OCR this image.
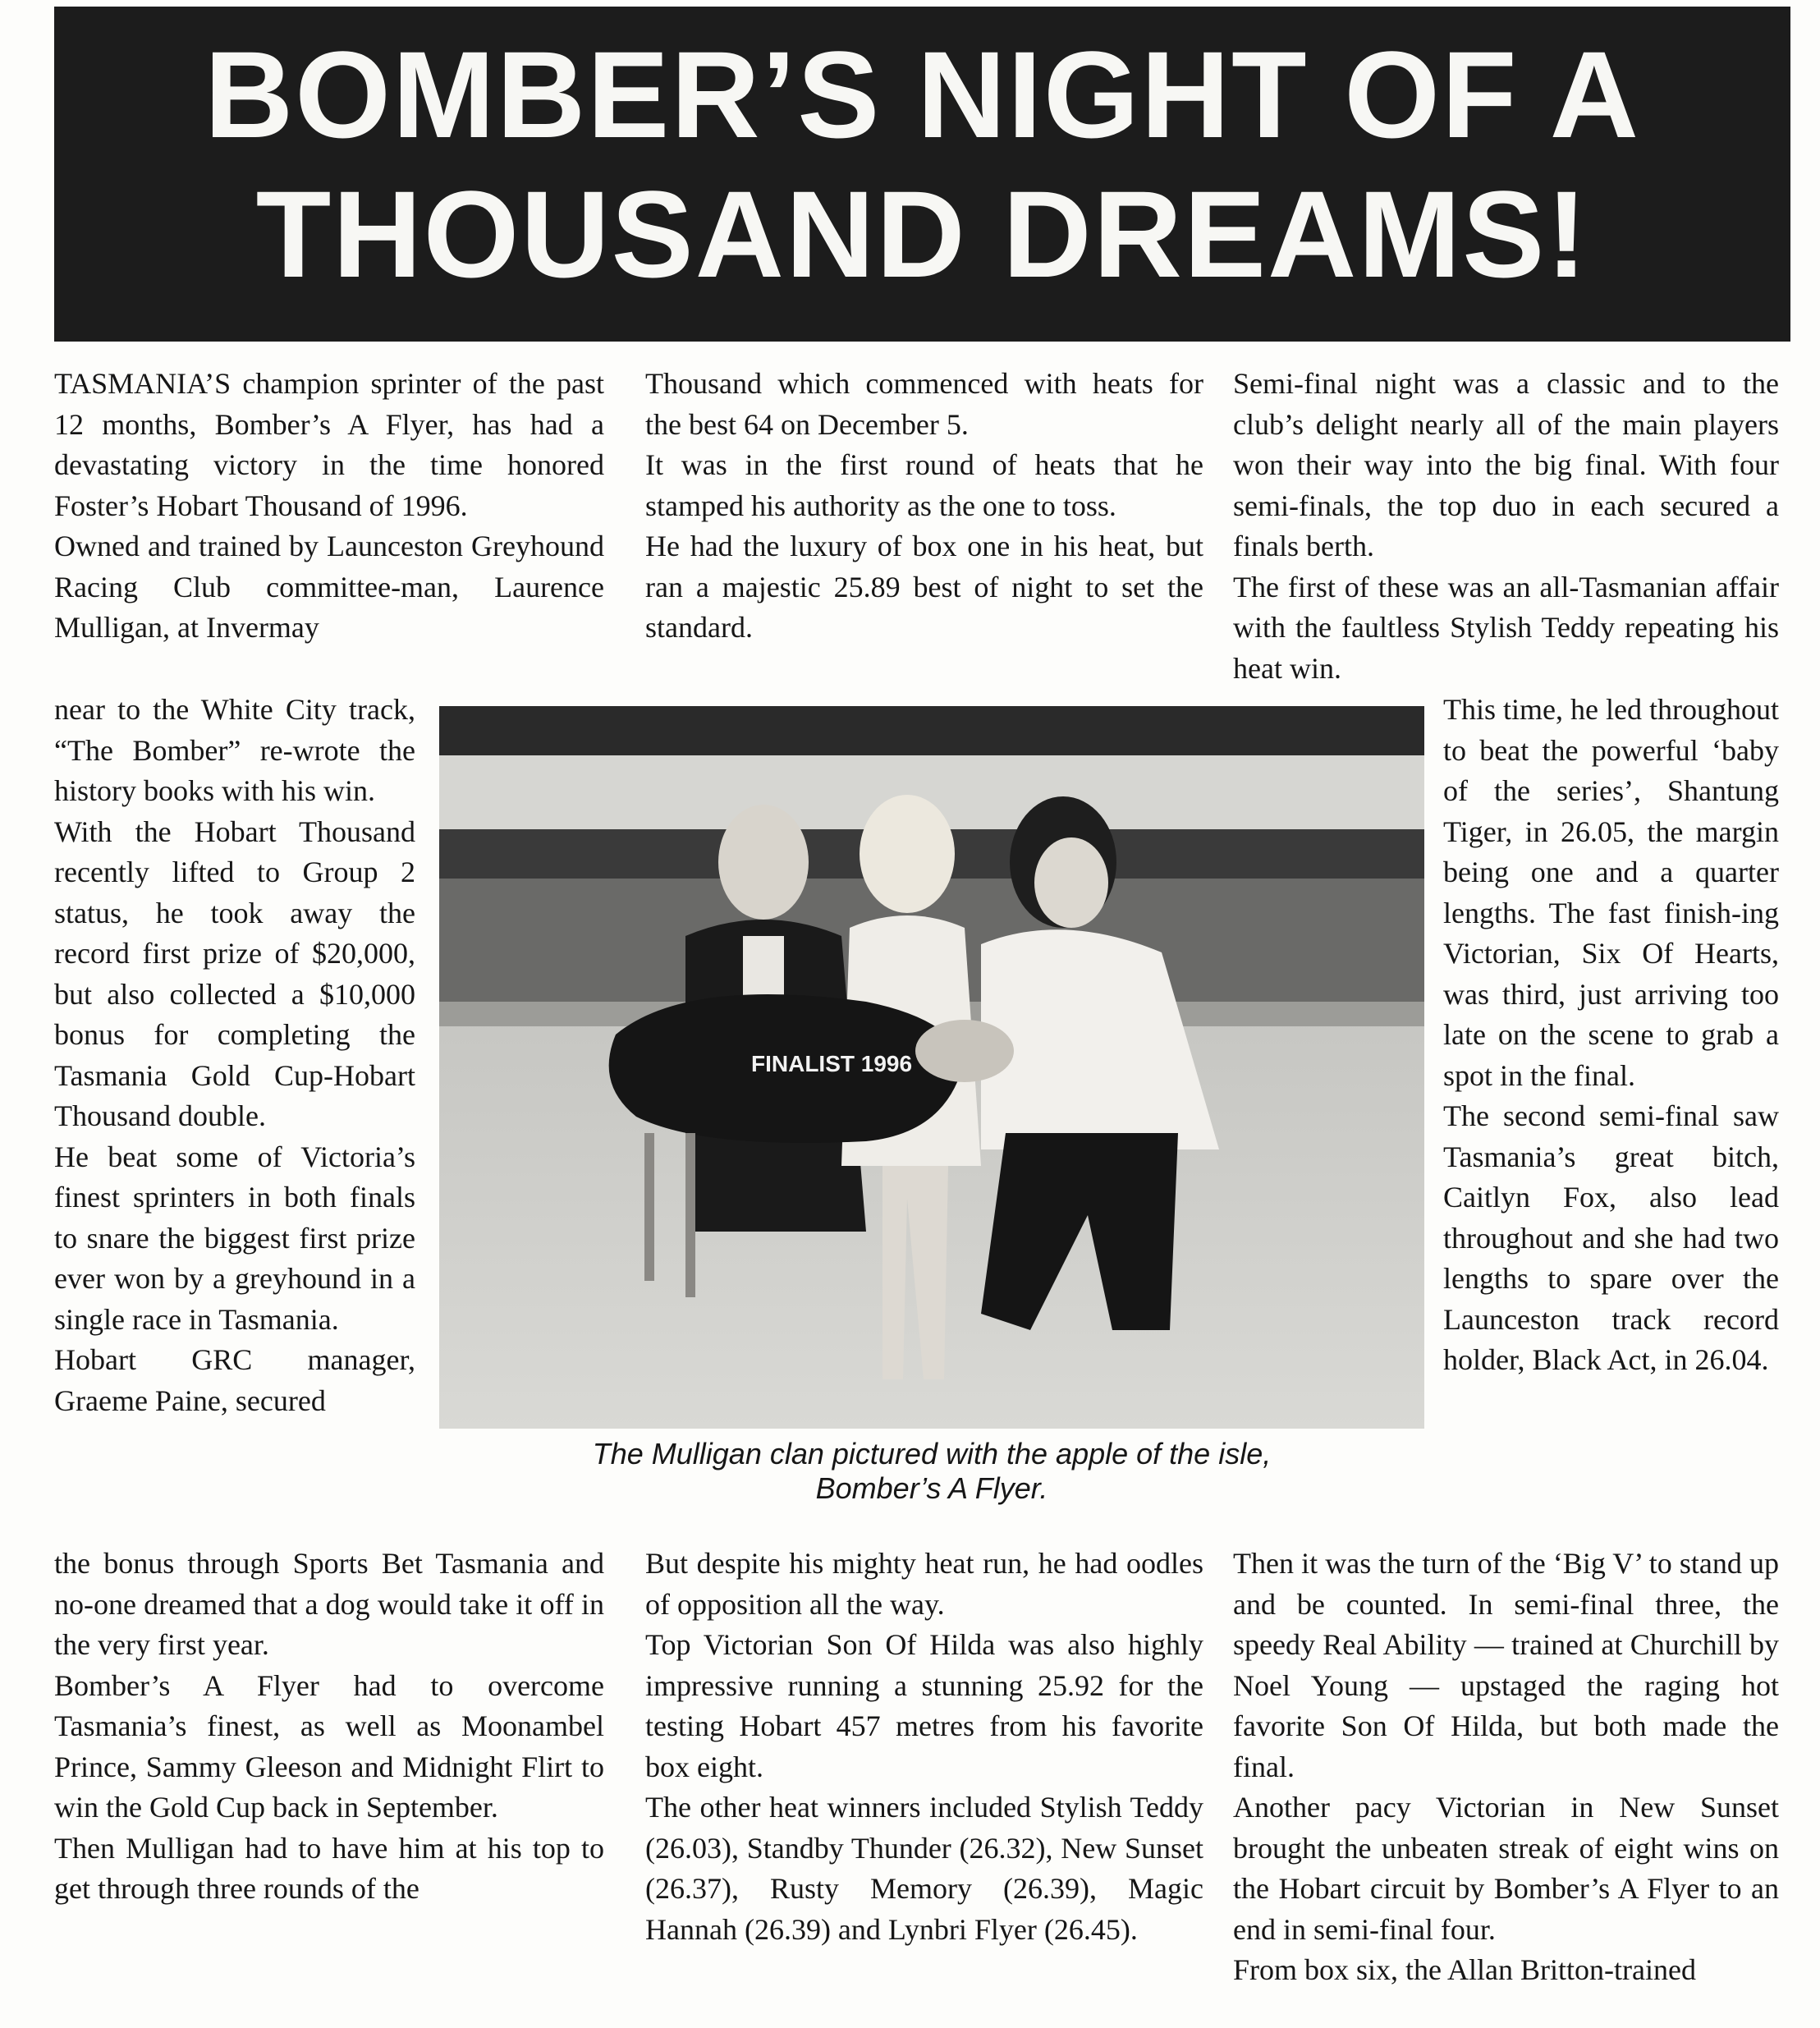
BOMBER’S NIGHT OF A
THOUSAND DREAMS!

TASMANIA’S champion sprinter of the past 12 months, Bomber’s A Flyer, has had a devastating victory in the time honored Foster’s Hobart Thousand of 1996.

Owned and trained by Launceston Greyhound Racing Club committee-man, Laurence Mulligan, at Invermay

near to the White City track, “The Bomber” re-wrote the history books with his win.

With the Hobart Thousand recently lifted to Group 2 status, he took away the record first prize of $20,000, but also collected a $10,000 bonus for completing the Tasmania Gold Cup-Hobart Thousand double.

He beat some of Victoria’s finest sprinters in both finals to snare the biggest first prize ever won by a greyhound in a single race in Tasmania.

Hobart GRC manager, Graeme Paine, secured

the bonus through Sports Bet Tasmania and no-one dreamed that a dog would take it off in the very first year.

Bomber’s A Flyer had to overcome Tasmania’s finest, as well as Moonambel Prince, Sammy Gleeson and Midnight Flirt to win the Gold Cup back in September.

Then Mulligan had to have him at his top to get through three rounds of the

Thousand which commenced with heats for the best 64 on December 5.

It was in the first round of heats that he stamped his authority as the one to toss.

He had the luxury of box one in his heat, but ran a majestic 25.89 best of night to set the standard.

But despite his mighty heat run, he had oodles of opposition all the way.

Top Victorian Son Of Hilda was also highly impressive running a stunning 25.92 for the testing Hobart 457 metres from his favorite box eight.

The other heat winners included Stylish Teddy (26.03), Standby Thunder (26.32), New Sunset (26.37), Rusty Memory (26.39), Magic Hannah (26.39) and Lynbri Flyer (26.45).

Semi-final night was a classic and to the club’s delight nearly all of the main players won their way into the big final. With four semi-finals, the top duo in each secured a finals berth.

The first of these was an all-Tasmanian affair with the faultless Stylish Teddy repeating his heat win.

This time, he led throughout to beat the powerful ‘baby of the series’, Shantung Tiger, in 26.05, the margin being one and a quarter lengths. The fast finish-ing Victorian, Six Of Hearts, was third, just arriving too late on the scene to grab a spot in the final.

The second semi-final saw Tasmania’s great bitch, Caitlyn Fox, also lead throughout and she had two lengths to spare over the Launceston track record holder, Black Act, in 26.04.

Then it was the turn of the ‘Big V’ to stand up and be counted. In semi-final three, the speedy Real Ability — trained at Churchill by Noel Young — upstaged the raging hot favorite Son Of Hilda, but both made the final.

Another pacy Victorian in New Sunset brought the unbeaten streak of eight wins on the Hobart circuit by Bomber’s A Flyer to an end in semi-final four.

From box six, the Allan Britton-trained

FINALIST 1996
The Mulligan clan pictured with the apple of the isle,
Bomber’s A Flyer.
